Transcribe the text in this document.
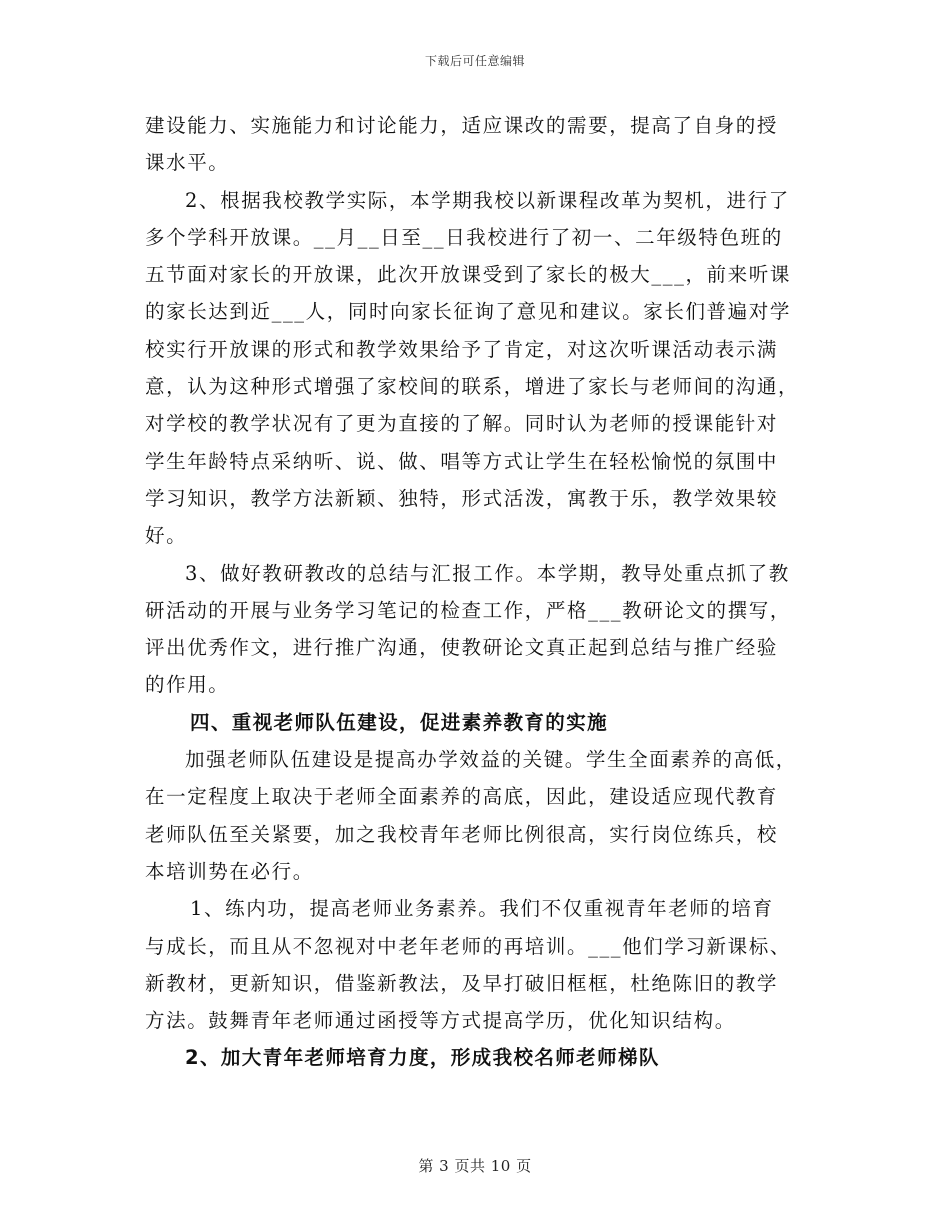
下载后可任意编辑
建设能力、实施能力和讨论能力，适应课改的需要，提高了自身的授
课水平。
2、根据我校教学实际，本学期我校以新课程改革为契机，进行了
多个学科开放课。__月__日至__日我校进行了初一、二年级特色班的
五节面对家长的开放课，此次开放课受到了家长的极大___，前来听课
的家长达到近___人，同时向家长征询了意见和建议。家长们普遍对学
校实行开放课的形式和教学效果给予了肯定，对这次听课活动表示满
意，认为这种形式增强了家校间的联系，增进了家长与老师间的沟通，
对学校的教学状况有了更为直接的了解。同时认为老师的授课能针对
学生年龄特点采纳听、说、做、唱等方式让学生在轻松愉悦的氛围中
学习知识，教学方法新颖、独特，形式活泼，寓教于乐，教学效果较
好。
3、做好教研教改的总结与汇报工作。本学期，教导处重点抓了教
研活动的开展与业务学习笔记的检查工作，严格___教研论文的撰写，
评出优秀作文，进行推广沟通，使教研论文真正起到总结与推广经验
的作用。
四、重视老师队伍建设，促进素养教育的实施
加强老师队伍建设是提高办学效益的关键。学生全面素养的高低，
在一定程度上取决于老师全面素养的高底，因此，建设适应现代教育
老师队伍至关紧要，加之我校青年老师比例很高，实行岗位练兵，校
本培训势在必行。
1、练内功，提高老师业务素养。我们不仅重视青年老师的培育
与成长，而且从不忽视对中老年老师的再培训。___他们学习新课标、
新教材，更新知识，借鉴新教法，及早打破旧框框，杜绝陈旧的教学
方法。鼓舞青年老师通过函授等方式提高学历，优化知识结构。
2、加大青年老师培育力度，形成我校名师老师梯队
第 3 页共 10 页
